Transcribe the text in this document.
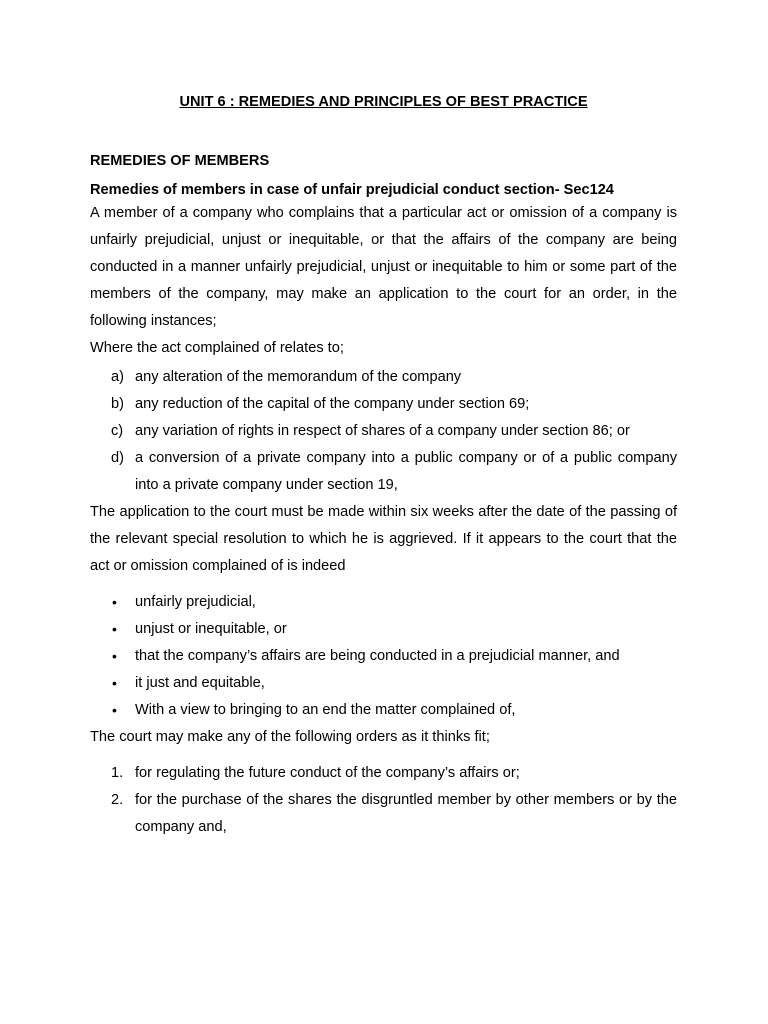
UNIT 6 : REMEDIES AND PRINCIPLES OF BEST PRACTICE

REMEDIES OF MEMBERS

Remedies of members in case of unfair prejudicial conduct section- Sec124

A member of a company who complains that a particular act or omission of a company is unfairly prejudicial, unjust or inequitable, or that the affairs of the company are being conducted in a manner unfairly prejudicial, unjust or inequitable to him or some part of the members of the company, may make an application to the court for an order, in the following instances;

Where the act complained of relates to;

a) any alteration of the memorandum of the company
b) any reduction of the capital of the company under section 69;
c) any variation of rights in respect of shares of a company under section 86; or
d) a conversion of a private company into a public company or of a public company into a private company under section 19,

The application to the court must be made within six weeks after the date of the passing of the relevant special resolution to which he is aggrieved. If it appears to the court that the act or omission complained of is indeed

• unfairly prejudicial,
• unjust or inequitable, or
• that the company’s affairs are being conducted in a prejudicial manner, and
• it just and equitable,
• With a view to bringing to an end the matter complained of,

The court may make any of the following orders as it thinks fit;

1. for regulating the future conduct of the company’s affairs or;
2. for the purchase of the shares the disgruntled member by other members or by the company and,
